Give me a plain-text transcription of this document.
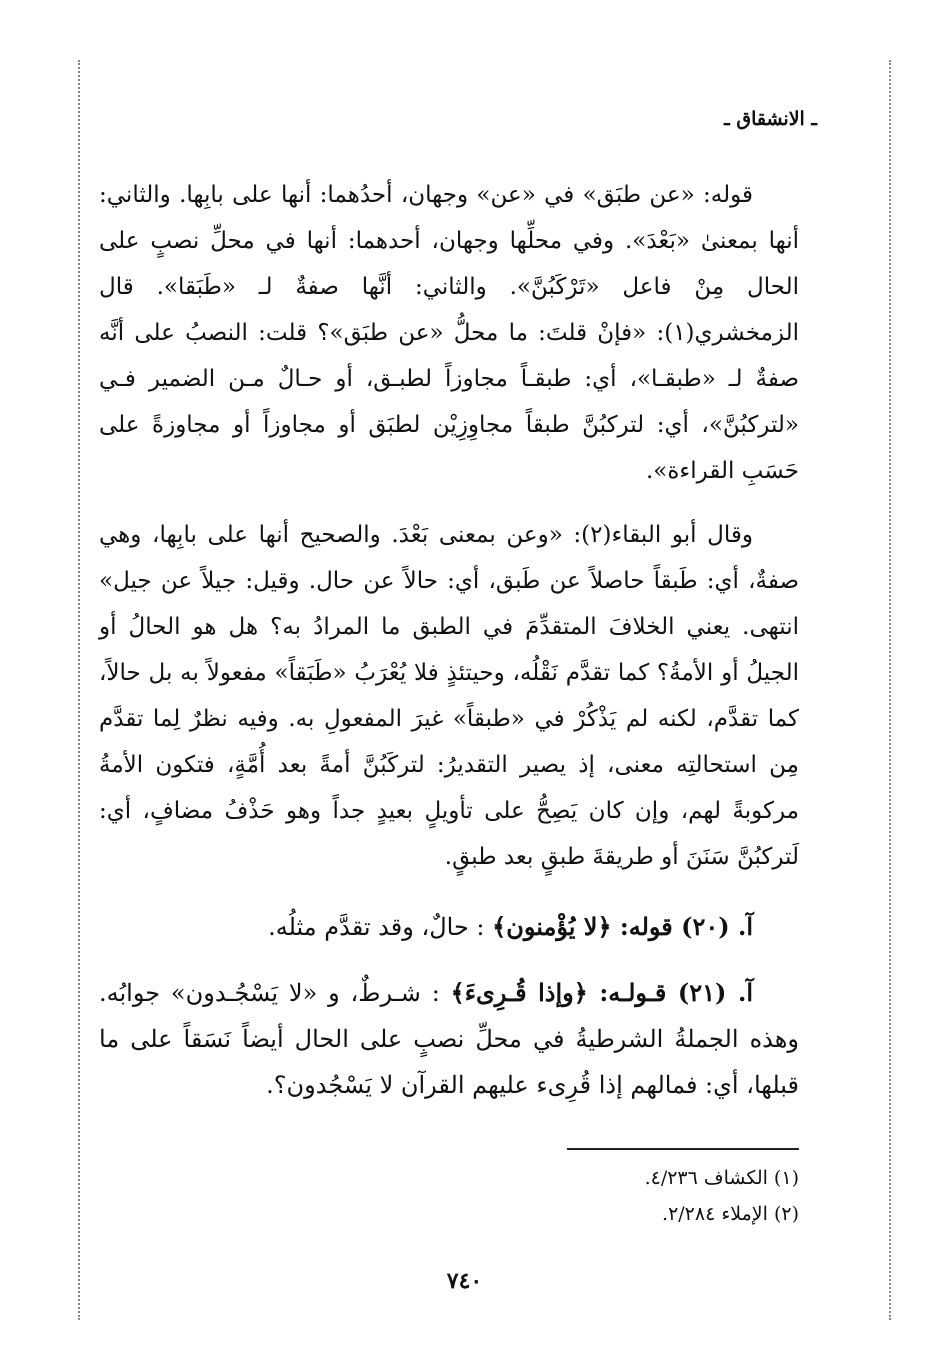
ـ الانشقاق ـ

قوله: «عن طبَق» في «عن» وجهان، أحدُهما: أنها على بابِها. والثاني: أنها بمعنىٰ «بَعْدَ». وفي محلِّها وجهان، أحدهما: أنها في محلِّ نصبٍ على الحال مِنْ فاعل «تَرْكَبُنَّ». والثاني: أنَّها صفةٌ لـ «طَبَقا». قال الزمخشري(١): «فإنْ قلتَ: ما محلُّ «عن طبَق»؟ قلت: النصبُ على أنَّه صفةٌ لـ «طبقـا»، أي: طبقـاً مجاوزاً لطبـق، أو حـالٌ مـن الضمير فـي «لتركبُنَّ»، أي: لتركبُنَّ طبقاً مجاوِزِيْن لطبَق أو مجاوزاً أو مجاوزةً على حَسَبِ القراءة».

وقال أبو البقاء(٢): «وعن بمعنى بَعْدَ. والصحيح أنها على بابِها، وهي صفةٌ، أي: طَبقاً حاصلاً عن طَبق، أي: حالاً عن حال. وقيل: جيلاً عن جيل» انتهى. يعني الخلافَ المتقدِّمَ في الطبق ما المرادُ به؟ هل هو الحالُ أو الجيلُ أو الأمةُ؟ كما تقدَّم نَقْلُه، وحيتئذٍ فلا يُعْرَبُ «طَبَقاً» مفعولاً به بل حالاً، كما تقدَّم، لكنه لم يَذْكُرْ في «طبقاً» غيرَ المفعولِ به. وفيه نظرٌ لِما تقدَّم مِن استحالتِه معنى، إذ يصير التقديرُ: لتركَبُنَّ أمةً بعد أُمَّةٍ، فتكون الأمةُ مركوبةً لهم، وإن كان يَصِحُّ على تأويلٍ بعيدٍ جداً وهو حَذْفُ مضافٍ، أي: لَتركبُنَّ سَنَنَ أو طريقةَ طبقٍ بعد طبقٍ.

آ. (٢٠) قوله: ﴿لا يُؤْمنون﴾ : حالٌ، وقد تقدَّم مثلُه.

آ. (٢١) قـولـه: ﴿وإذا قُـرِىءَ﴾ : شـرطٌ، و «لا يَسْجُـدون» جوابُه. وهذه الجملةُ الشرطيةُ في محلِّ نصبٍ على الحال أيضاً نَسَقاً على ما قبلها، أي: فمالهم إذا قُرِىء عليهم القرآن لا يَسْجُدون؟.

(١) الكشاف ٤/٢٣٦.
(٢) الإملاء ٢/٢٨٤.
٧٤٠
